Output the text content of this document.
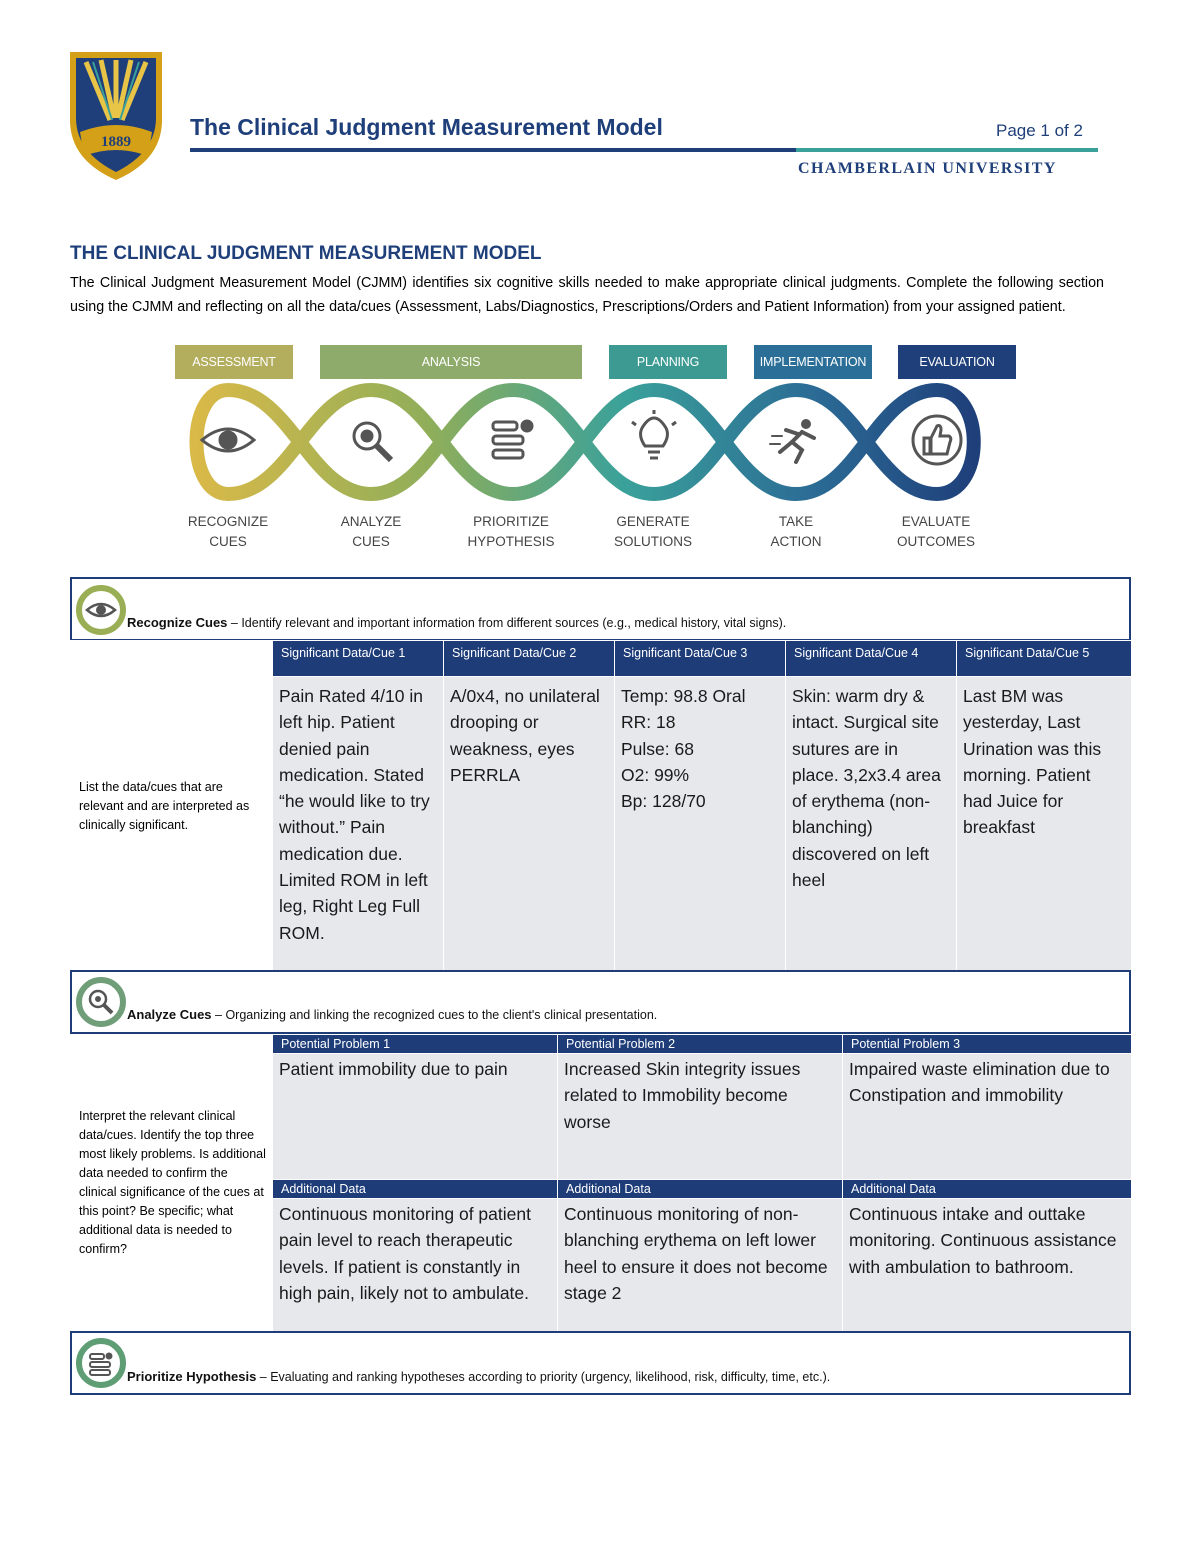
1889
The Clinical Judgment Measurement Model	Page 1 of 2
CHAMBERLAIN UNIVERSITY
THE CLINICAL JUDGMENT MEASUREMENT MODEL
The Clinical Judgment Measurement Model (CJMM) identifies six cognitive skills needed to make appropriate clinical judgments. Complete the following section using the CJMM and reflecting on all the data/cues (Assessment, Labs/Diagnostics, Prescriptions/Orders and Patient Information) from your assigned patient.
ASSESSMENT	ANALYSIS	PLANNING	IMPLEMENTATION	EVALUATION
RECOGNIZE
CUES
ANALYZE
CUES
PRIORITIZE
HYPOTHESIS
GENERATE
SOLUTIONS
TAKE
ACTION
EVALUATE
OUTCOMES
Recognize Cues – Identify relevant and important information from different sources (e.g., medical history, vital signs).
List the data/cues that are relevant and are interpreted as clinically significant.	Significant Data/Cue 1	Significant Data/Cue 2	Significant Data/Cue 3	Significant Data/Cue 4	Significant Data/Cue 5
	Pain Rated 4/10 in left hip. Patient denied pain medication. Stated “he would like to try without.” Pain medication due. Limited ROM in left leg, Right Leg Full ROM.	A/0x4, no unilateral drooping or weakness, eyes PERRLA	Temp: 98.8 Oral
RR: 18
Pulse: 68
O2: 99%
Bp: 128/70	Skin: warm dry & intact. Surgical site sutures are in place. 3,2x3.4 area of erythema (non-blanching) discovered on left heel	Last BM was yesterday, Last Urination was this morning. Patient had Juice for breakfast
Analyze Cues – Organizing and linking the recognized cues to the client's clinical presentation.
Interpret the relevant clinical data/cues. Identify the top three most likely problems. Is additional data needed to confirm the clinical significance of the cues at this point? Be specific; what additional data is needed to confirm?	Potential Problem 1	Potential Problem 2	Potential Problem 3
	Patient immobility due to pain	Increased Skin integrity issues related to Immobility become worse	Impaired waste elimination due to Constipation and immobility
	Additional Data	Additional Data	Additional Data
	Continuous monitoring of patient pain level to reach therapeutic levels. If patient is constantly in high pain, likely not to ambulate.	Continuous monitoring of non-blanching erythema on left lower heel to ensure it does not become stage 2	Continuous intake and outtake monitoring. Continuous assistance with ambulation to bathroom.
Prioritize Hypothesis – Evaluating and ranking hypotheses according to priority (urgency, likelihood, risk, difficulty, time, etc.).
